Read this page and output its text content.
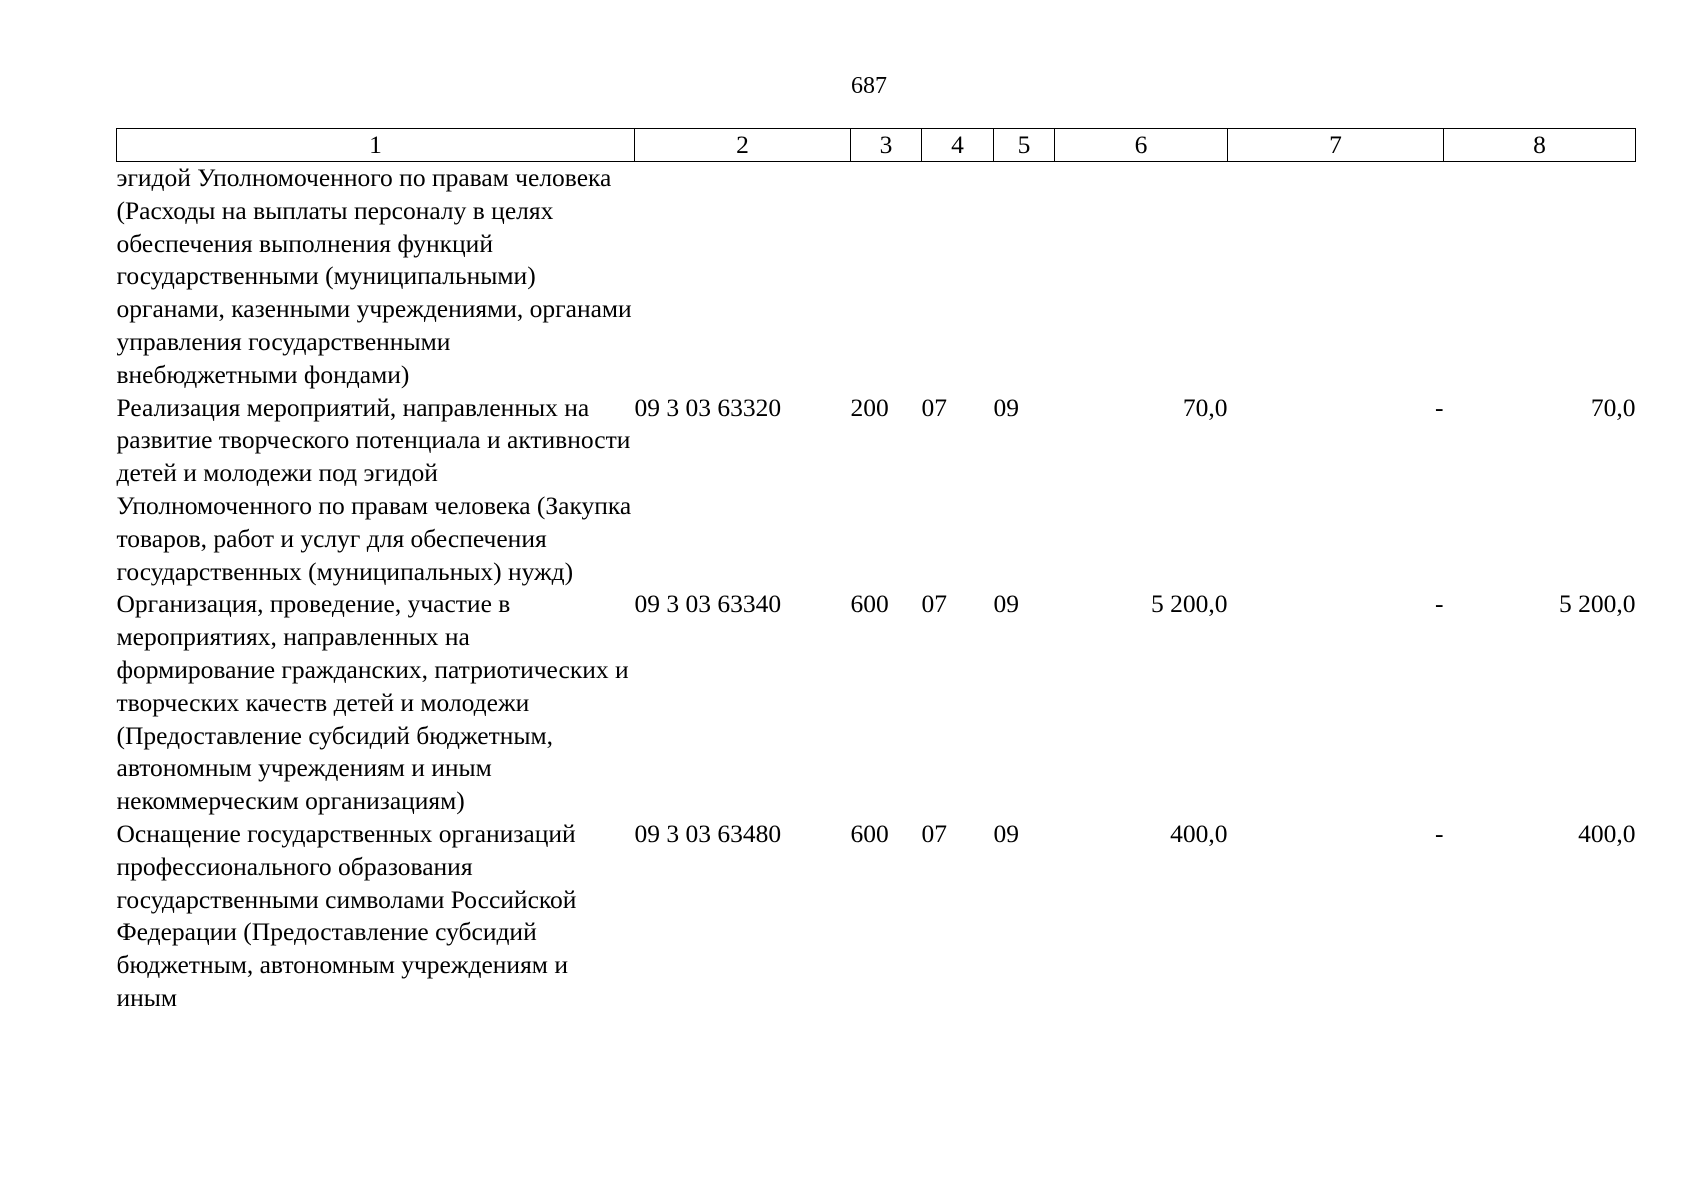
687
1	2	3	4	5	6	7	8
эгидой Уполномоченного по правам человека (Расходы на выплаты персоналу в целях обеспечения выполнения функций государственными (муниципальными) органами, казенными учреждениями, органами управления государственными внебюджетными фондами)							
Реализация мероприятий, направленных на развитие творческого потенциала и активности детей и молодежи под эгидой Уполномоченного по правам человека (Закупка товаров, работ и услуг для обеспечения государственных (муниципальных) нужд)	09 3 03 63320	200	07	09	70,0	-	70,0
Организация, проведение, участие в мероприятиях, направленных на формирование гражданских, патриотических и творческих качеств детей и молодежи (Предоставление субсидий бюджетным, автономным учреждениям и иным некоммерческим организациям)	09 3 03 63340	600	07	09	5 200,0	-	5 200,0
Оснащение государственных организаций профессионального образования государственными символами Российской Федерации (Предоставление субсидий бюджетным, автономным учреждениям и иным	09 3 03 63480	600	07	09	400,0	-	400,0
